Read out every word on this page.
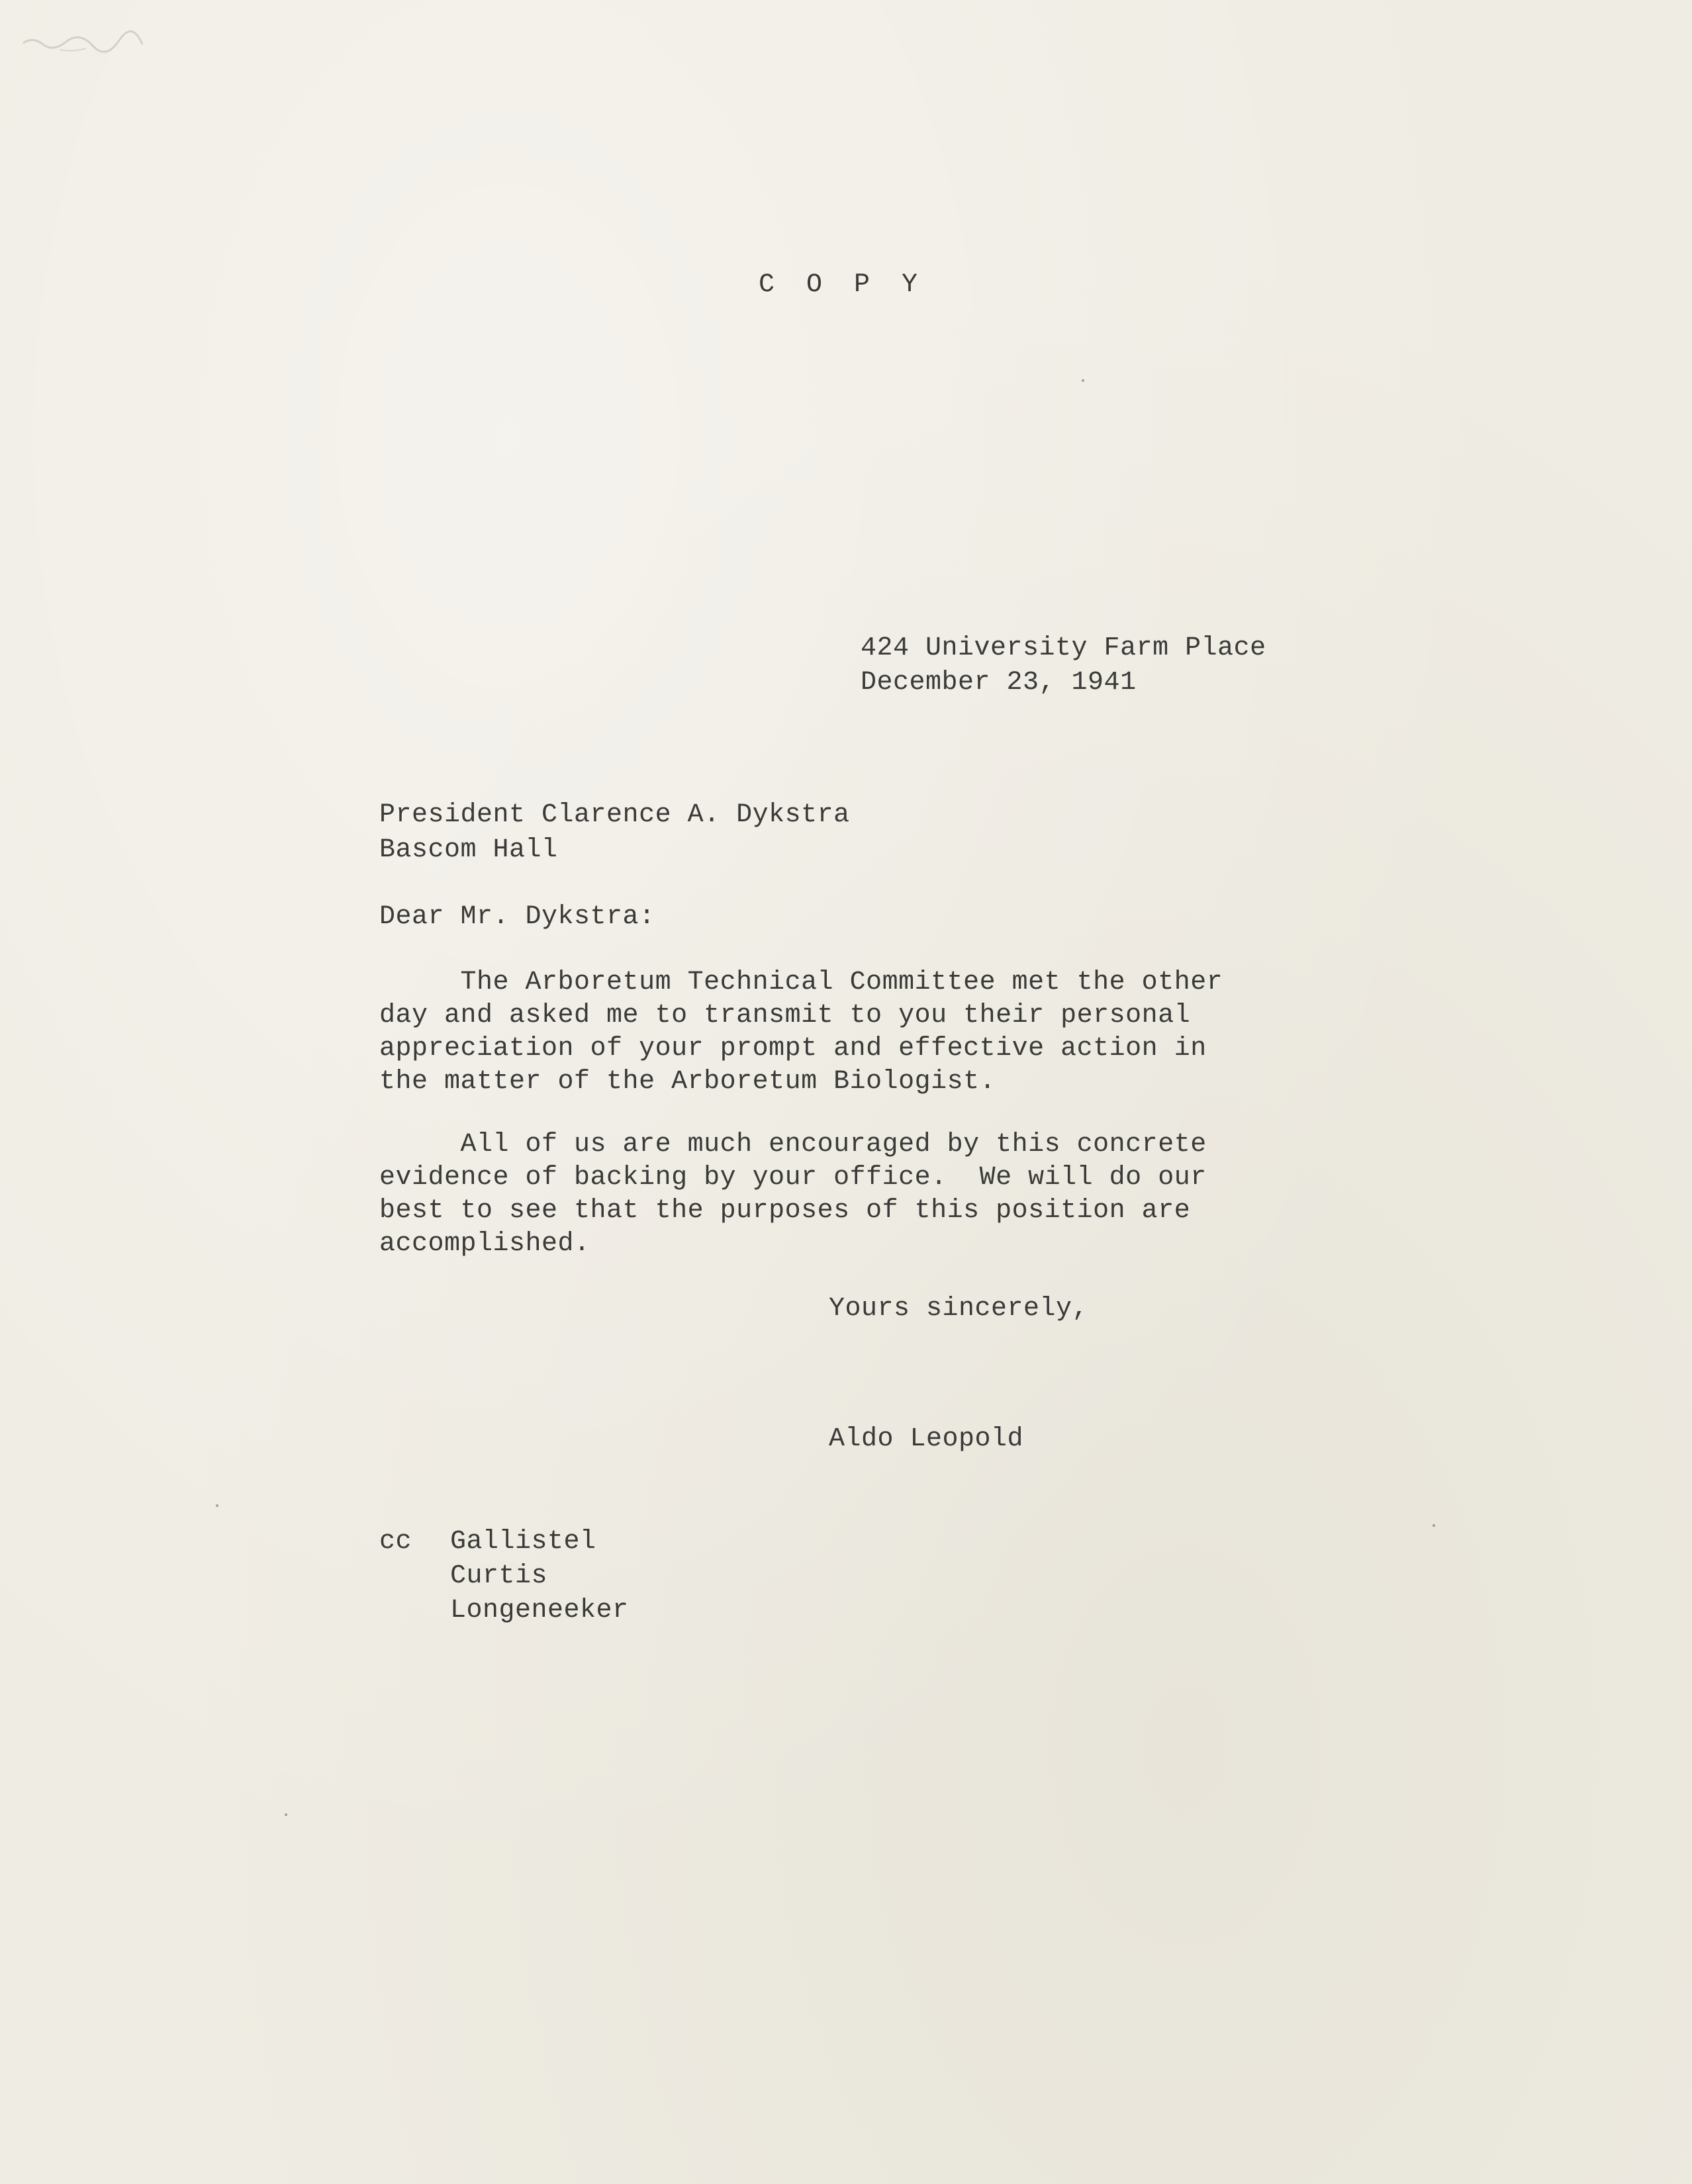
C O P Y
424 University Farm Place
December 23, 1941
President Clarence A. Dykstra
Bascom Hall
Dear Mr. Dykstra:
The Arboretum Technical Committee met the other
day and asked me to transmit to you their personal
appreciation of your prompt and effective action in
the matter of the Arboretum Biologist.
All of us are much encouraged by this concrete
evidence of backing by your office.  We will do our
best to see that the purposes of this position are
accomplished.
Yours sincerely,
Aldo Leopold
cc Gallistel
Curtis
Longeneeker
